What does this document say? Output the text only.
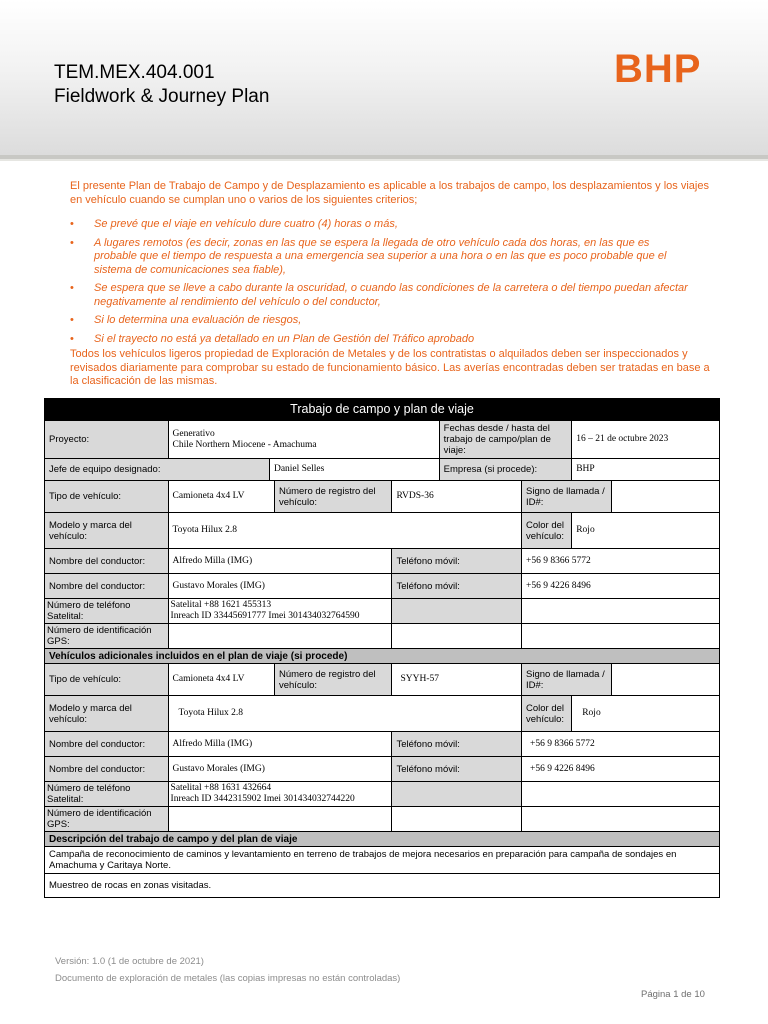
TEM.MEX.404.001
Fieldwork & Journey Plan
BHP
El presente Plan de Trabajo de Campo y de Desplazamiento es aplicable a los trabajos de campo, los desplazamientos y los viajes en vehículo cuando se cumplan uno o varios de los siguientes criterios;
• Se prevé que el viaje en vehículo dure cuatro (4) horas o más,
• A lugares remotos (es decir, zonas en las que se espera la llegada de otro vehículo cada dos horas, en las que es probable que el tiempo de respuesta a una emergencia sea superior a una hora o en las que es poco probable que el sistema de comunicaciones sea fiable),
• Se espera que se lleve a cabo durante la oscuridad, o cuando las condiciones de la carretera o del tiempo puedan afectar negativamente al rendimiento del vehículo o del conductor,
• Si lo determina una evaluación de riesgos,
• Si el trayecto no está ya detallado en un Plan de Gestión del Tráfico aprobado
Todos los vehículos ligeros propiedad de Exploración de Metales y de los contratistas o alquilados deben ser inspeccionados y revisados diariamente para comprobar su estado de funcionamiento básico. Las averías encontradas deben ser tratadas en base a la clasificación de las mismas.
Trabajo de campo y plan de viaje								
Proyecto:	Generativo
Chile Northern Miocene - Amachuma				Fechas desde / hasta del trabajo de campo/plan de viaje:		16 – 21 de octubre 2023	
Jefe de equipo designado:		Daniel Selles			Empresa (si procede):		BHP	
Tipo de vehículo:	Camioneta 4x4 LV		Número de registro del vehículo:	RVDS-36		Signo de llamada / ID#:		
Modelo y marca del vehículo:	Toyota Hilux 2.8					Color del vehículo:	Rojo	
Nombre del conductor:	Alfredo Milla (IMG)			Teléfono móvil:		+56 9 8366 5772		
Nombre del conductor:	Gustavo Morales (IMG)			Teléfono móvil:		+56 9 4226 8496		
Número de teléfono Satelital:	Satelital +88 1621 455313
Inreach ID 33445691777 Imei 301434032764590							

Número de identificación GPS:								
Vehículos adicionales incluidos en el plan de viaje (si procede)								
Tipo de vehículo:	Camioneta 4x4 LV		Número de registro del vehículo:	SYYH-57		Signo de llamada / ID#:		
Modelo y marca del vehículo:	Toyota Hilux 2.8					Color del vehículo:	Rojo	
Nombre del conductor:	Alfredo Milla (IMG)			Teléfono móvil:		+56 9 8366 5772		
Nombre del conductor:	Gustavo Morales (IMG)			Teléfono móvil:		+56 9 4226 8496		
Número de teléfono Satelital:	Satelital +88 1631 432664
Inreach ID 3442315902 Imei 301434032744220							

Número de identificación GPS:								
Descripción del trabajo de campo y del plan de viaje								
Campaña de reconocimiento de caminos y levantamiento en terreno de trabajos de mejora necesarios en preparación para campaña de sondajes en Amachuma y Caritaya Norte.								
Muestreo de rocas en zonas visitadas.								
Versión: 1.0 (1 de octubre de 2021)
Documento de exploración de metales (las copias impresas no están controladas)
Página 1 de 10
